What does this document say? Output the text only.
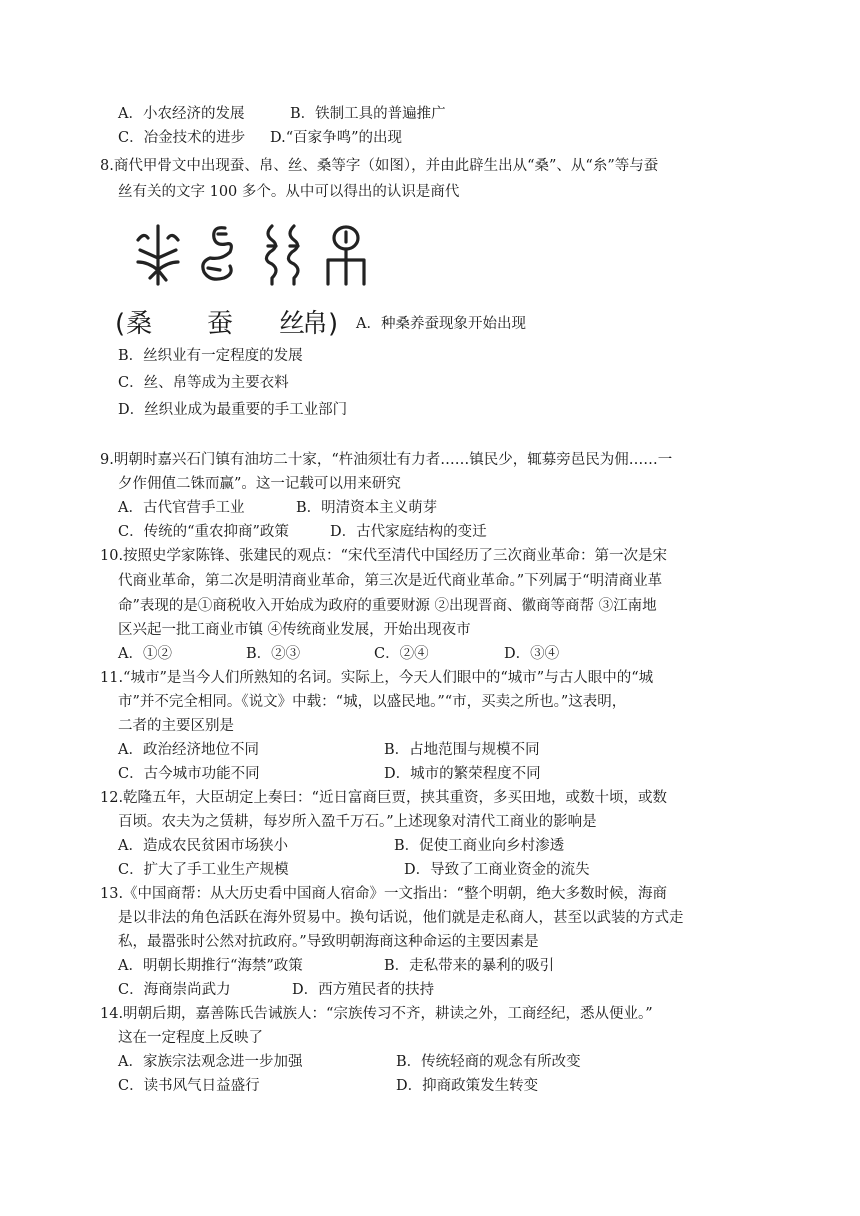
A．小农经济的发展	B．铁制工具的普遍推广
C．冶金技术的进步 D.“百家争鸣”的出现
8.商代甲骨文中出现蚕、帛、丝、桑等字（如图），并由此辟生出从“桑”、从“糸”等与蚕
丝有关的文字 100 多个。从中可以得出的认识是商代
(桑 蚕 丝
帛) A．种桑养蚕现象开始出现
B．丝织业有一定程度的发展
C．丝、帛等成为主要衣料
D．丝织业成为最重要的手工业部门
9.明朝时嘉兴石门镇有油坊二十家，“杵油须壮有力者……镇民少，辄募旁邑民为佣……一
夕作佣值二铢而赢”。这一记载可以用来研究
A．古代官营手工业	B．明清资本主义萌芽
C．传统的“重农抑商”政策	D．古代家庭结构的变迁
10.按照史学家陈锋、张建民的观点：“宋代至清代中国经历了三次商业革命：第一次是宋
代商业革命，第二次是明清商业革命，第三次是近代商业革命。”下列属于“明清商业革
命”表现的是①商税收入开始成为政府的重要财源 ②出现晋商、徽商等商帮 ③江南地
区兴起一批工商业市镇 ④传统商业发展，开始出现夜市
A．①②	B．②③	C．②④	D．③④
11.“城市”是当今人们所熟知的名词。实际上，今天人们眼中的“城市”与古人眼中的“城
市”并不完全相同。《说文》中载：“城，以盛民地。”“市，买卖之所也。”这表明，
二者的主要区别是
A．政治经济地位不同	B．占地范围与规模不同
C．古今城市功能不同	D．城市的繁荣程度不同
12.乾隆五年，大臣胡定上奏曰：“近日富商巨贾，挟其重资，多买田地，或数十顷，或数
百顷。农夫为之赁耕，每岁所入盈千万石。”上述现象对清代工商业的影响是
A．造成农民贫困市场狭小	B．促使工商业向乡村渗透
C．扩大了手工业生产规模	D．导致了工商业资金的流失
13.《中国商帮：从大历史看中国商人宿命》一文指出：“整个明朝，绝大多数时候，海商
是以非法的角色活跃在海外贸易中。换句话说，他们就是走私商人，甚至以武装的方式走
私，最嚣张时公然对抗政府。”导致明朝海商这种命运的主要因素是
A．明朝长期推行“海禁”政策	B．走私带来的暴利的吸引
C．海商崇尚武力	D．西方殖民者的扶持
14.明朝后期，嘉善陈氏告诫族人：“宗族传习不齐，耕读之外，工商经纪，悉从便业。”
这在一定程度上反映了
A．家族宗法观念进一步加强	B．传统轻商的观念有所改变
C．读书风气日益盛行	D．抑商政策发生转变
